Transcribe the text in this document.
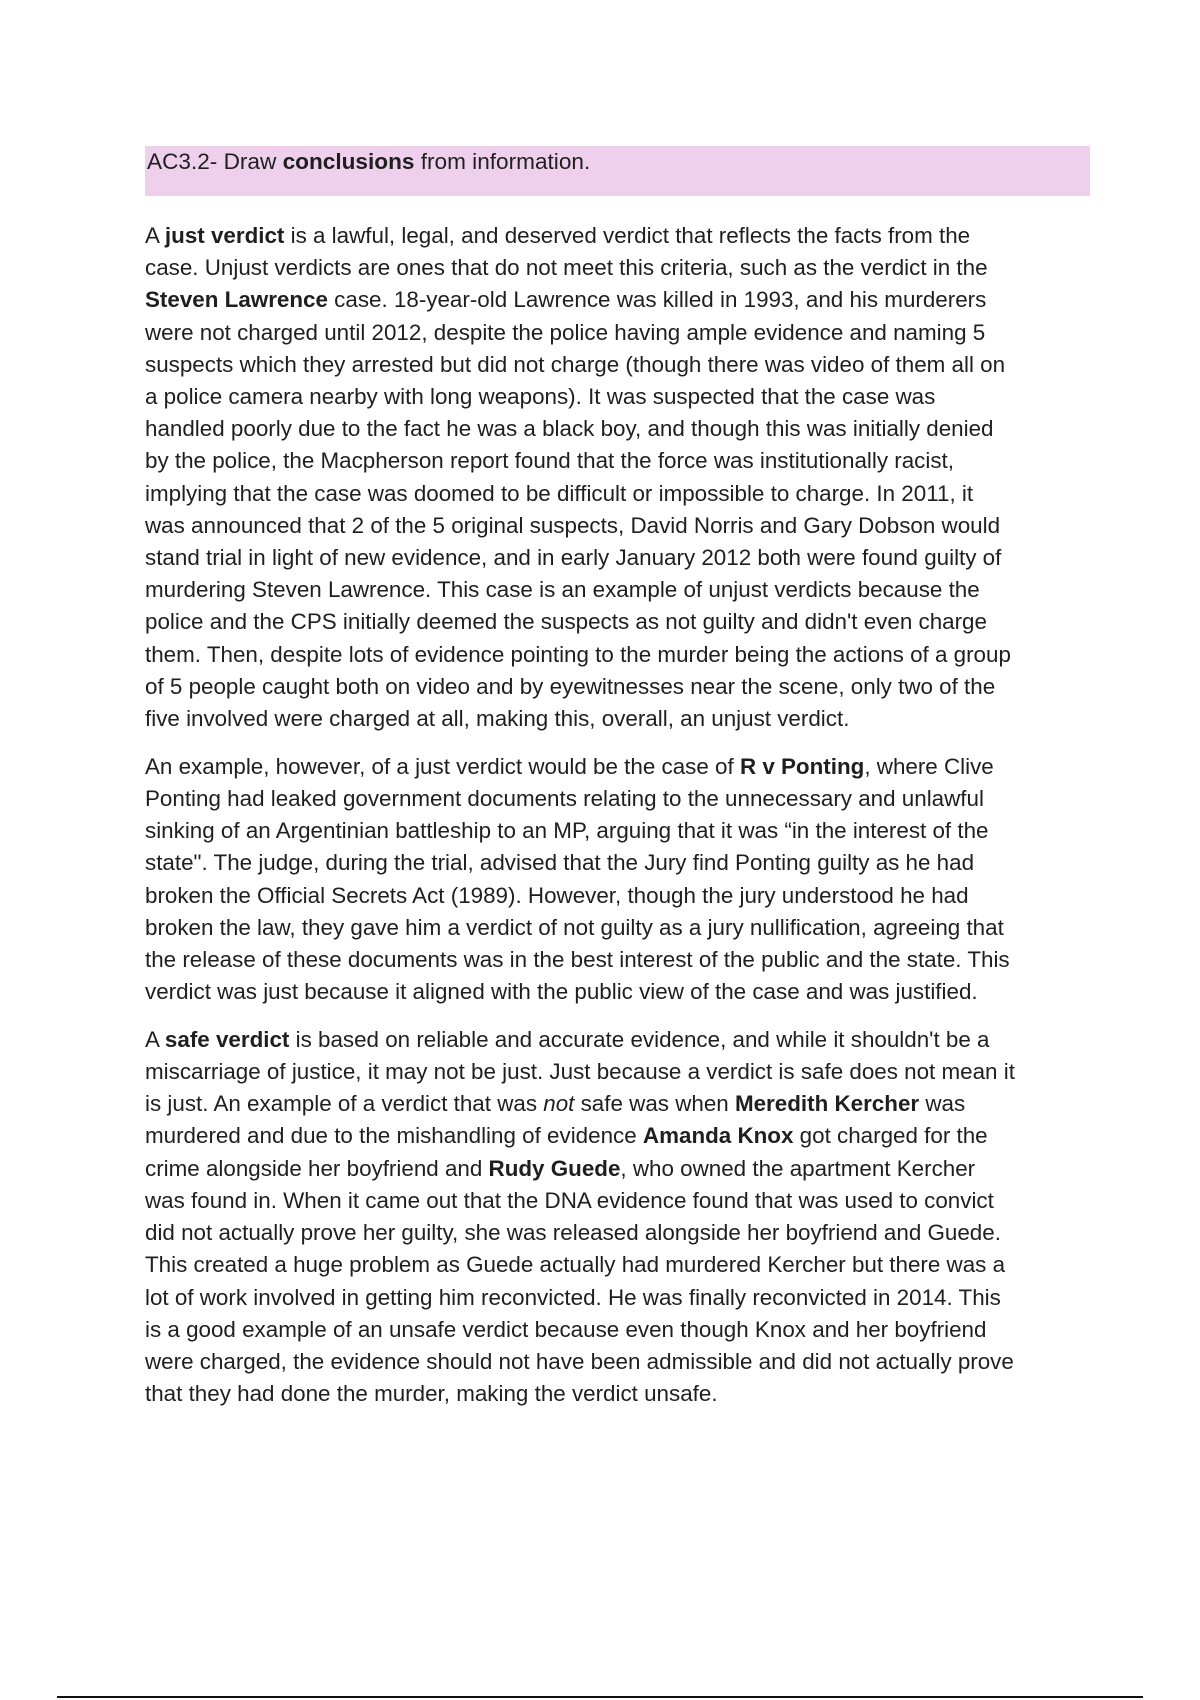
AC3.2- Draw conclusions from information.

A just verdict is a lawful, legal, and deserved verdict that reflects the facts from the
case. Unjust verdicts are ones that do not meet this criteria, such as the verdict in the
Steven Lawrence case. 18-year-old Lawrence was killed in 1993, and his murderers
were not charged until 2012, despite the police having ample evidence and naming 5
suspects which they arrested but did not charge (though there was video of them all on
a police camera nearby with long weapons). It was suspected that the case was
handled poorly due to the fact he was a black boy, and though this was initially denied
by the police, the Macpherson report found that the force was institutionally racist,
implying that the case was doomed to be difficult or impossible to charge. In 2011, it
was announced that 2 of the 5 original suspects, David Norris and Gary Dobson would
stand trial in light of new evidence, and in early January 2012 both were found guilty of
murdering Steven Lawrence. This case is an example of unjust verdicts because the
police and the CPS initially deemed the suspects as not guilty and didn't even charge
them. Then, despite lots of evidence pointing to the murder being the actions of a group
of 5 people caught both on video and by eyewitnesses near the scene, only two of the
five involved were charged at all, making this, overall, an unjust verdict.

An example, however, of a just verdict would be the case of R v Ponting, where Clive
Ponting had leaked government documents relating to the unnecessary and unlawful
sinking of an Argentinian battleship to an MP, arguing that it was “in the interest of the
state". The judge, during the trial, advised that the Jury find Ponting guilty as he had
broken the Official Secrets Act (1989). However, though the jury understood he had
broken the law, they gave him a verdict of not guilty as a jury nullification, agreeing that
the release of these documents was in the best interest of the public and the state. This
verdict was just because it aligned with the public view of the case and was justified.

A safe verdict is based on reliable and accurate evidence, and while it shouldn't be a
miscarriage of justice, it may not be just. Just because a verdict is safe does not mean it
is just. An example of a verdict that was not safe was when Meredith Kercher was
murdered and due to the mishandling of evidence Amanda Knox got charged for the
crime alongside her boyfriend and Rudy Guede, who owned the apartment Kercher
was found in. When it came out that the DNA evidence found that was used to convict
did not actually prove her guilty, she was released alongside her boyfriend and Guede.
This created a huge problem as Guede actually had murdered Kercher but there was a
lot of work involved in getting him reconvicted. He was finally reconvicted in 2014. This
is a good example of an unsafe verdict because even though Knox and her boyfriend
were charged, the evidence should not have been admissible and did not actually prove
that they had done the murder, making the verdict unsafe.
